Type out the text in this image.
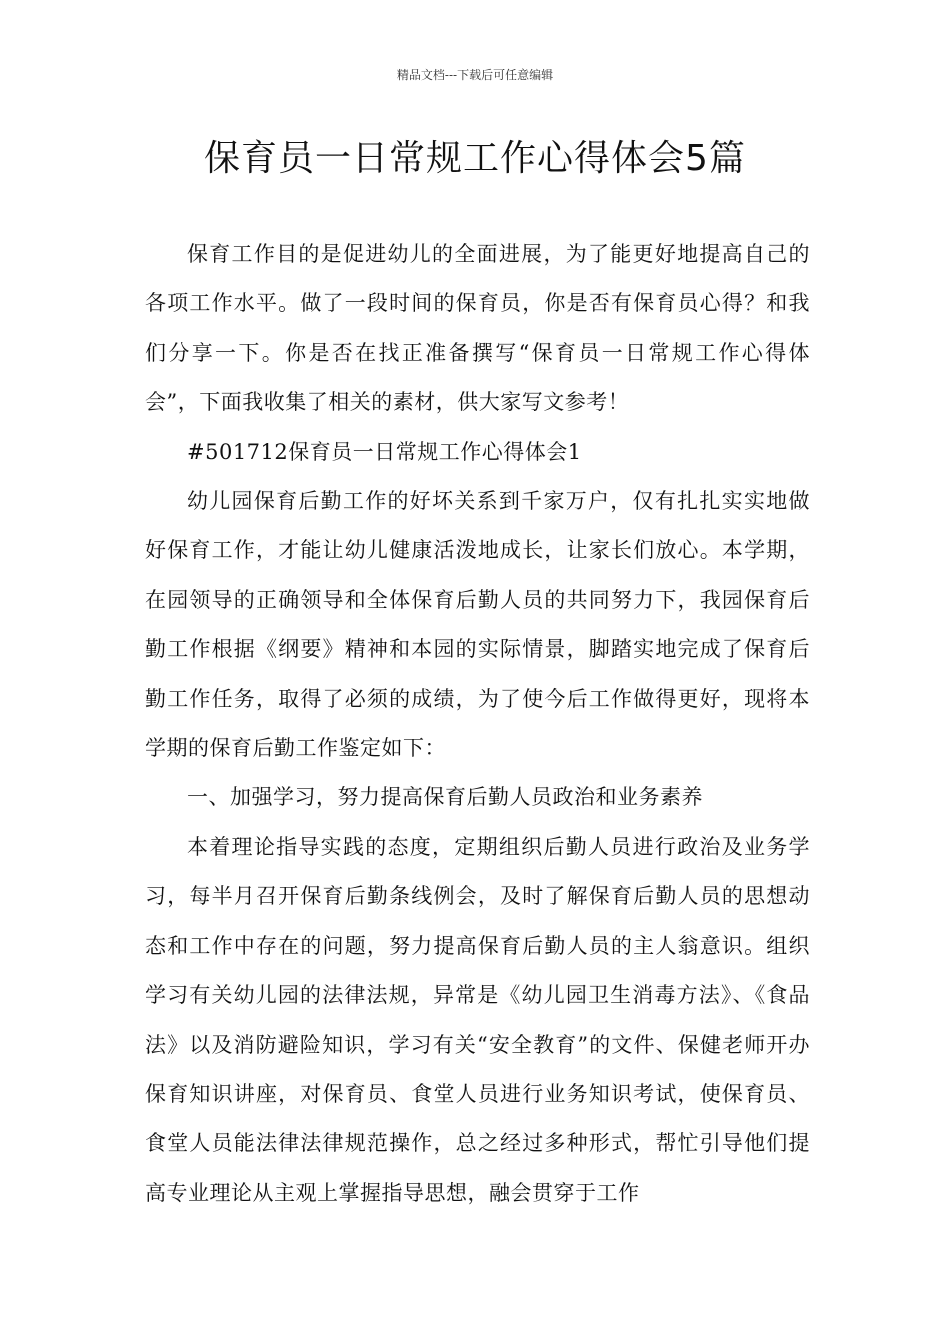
精品文档---下载后可任意编辑
保育员一日常规工作心得体会5篇

保育工作目的是促进幼儿的全面进展，为了能更好地提高自己的各项工作水平。做了一段时间的保育员，你是否有保育员心得？和我们分享一下。你是否在找正准备撰写“保育员一日常规工作心得体会”，下面我收集了相关的素材，供大家写文参考！

#501712保育员一日常规工作心得体会1

幼儿园保育后勤工作的好坏关系到千家万户，仅有扎扎实实地做好保育工作，才能让幼儿健康活泼地成长，让家长们放心。本学期，在园领导的正确领导和全体保育后勤人员的共同努力下，我园保育后勤工作根据《纲要》精神和本园的实际情景，脚踏实地完成了保育后勤工作任务，取得了必须的成绩，为了使今后工作做得更好，现将本学期的保育后勤工作鉴定如下：

一、加强学习，努力提高保育后勤人员政治和业务素养

本着理论指导实践的态度，定期组织后勤人员进行政治及业务学习，每半月召开保育后勤条线例会，及时了解保育后勤人员的思想动态和工作中存在的问题，努力提高保育后勤人员的主人翁意识。组织学习有关幼儿园的法律法规，异常是《幼儿园卫生消毒方法》、《食品法》以及消防避险知识，学习有关“安全教育”的文件、保健老师开办保育知识讲座，对保育员、食堂人员进行业务知识考试，使保育员、食堂人员能法律法律规范操作，总之经过多种形式，帮忙引导他们提高专业理论从主观上掌握指导思想，融会贯穿于工作
